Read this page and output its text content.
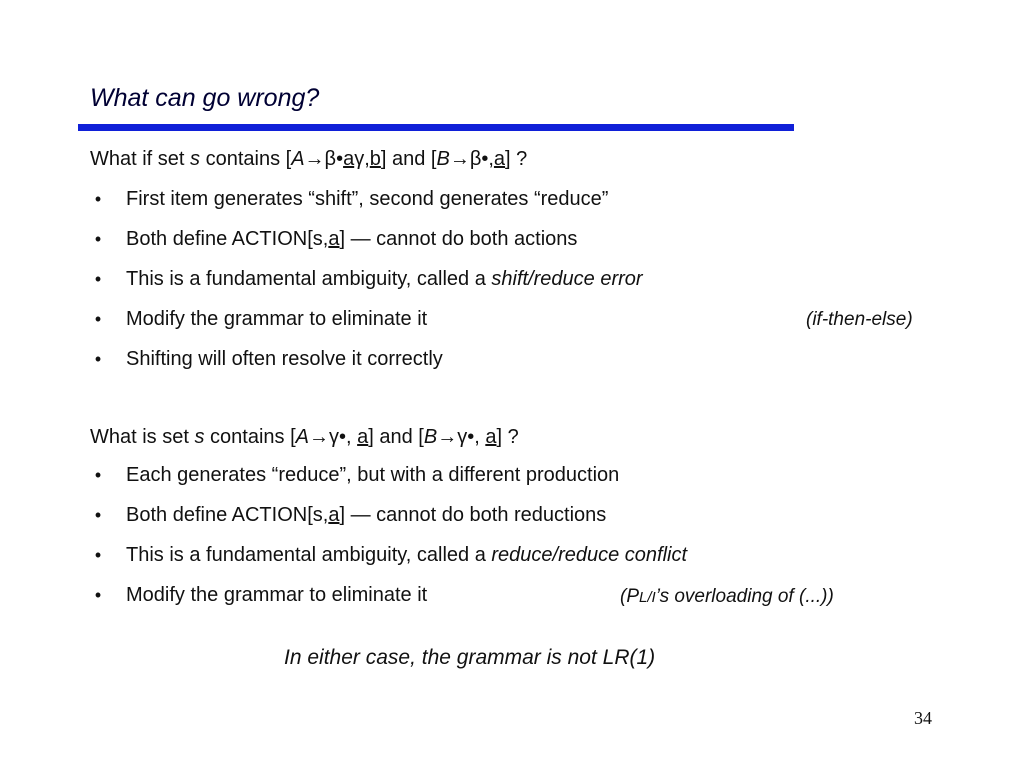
What can go wrong?
What if set s contains [A→β•aγ,b] and [B→β•,a] ?
• First item generates “shift”, second generates “reduce”
• Both define ACTION[s,a] — cannot do both actions
• This is a fundamental ambiguity, called a shift/reduce error
• Modify the grammar to eliminate it	(if-then-else)
• Shifting will often resolve it correctly
What is set s contains [A→γ•, a] and [B→γ•, a] ?
• Each generates “reduce”, but with a different production
• Both define ACTION[s,a] — cannot do both reductions
• This is a fundamental ambiguity, called a reduce/reduce conflict
• Modify the grammar to eliminate it	(PL/I’s overloading of (...))
In either case, the grammar is not LR(1)
34
